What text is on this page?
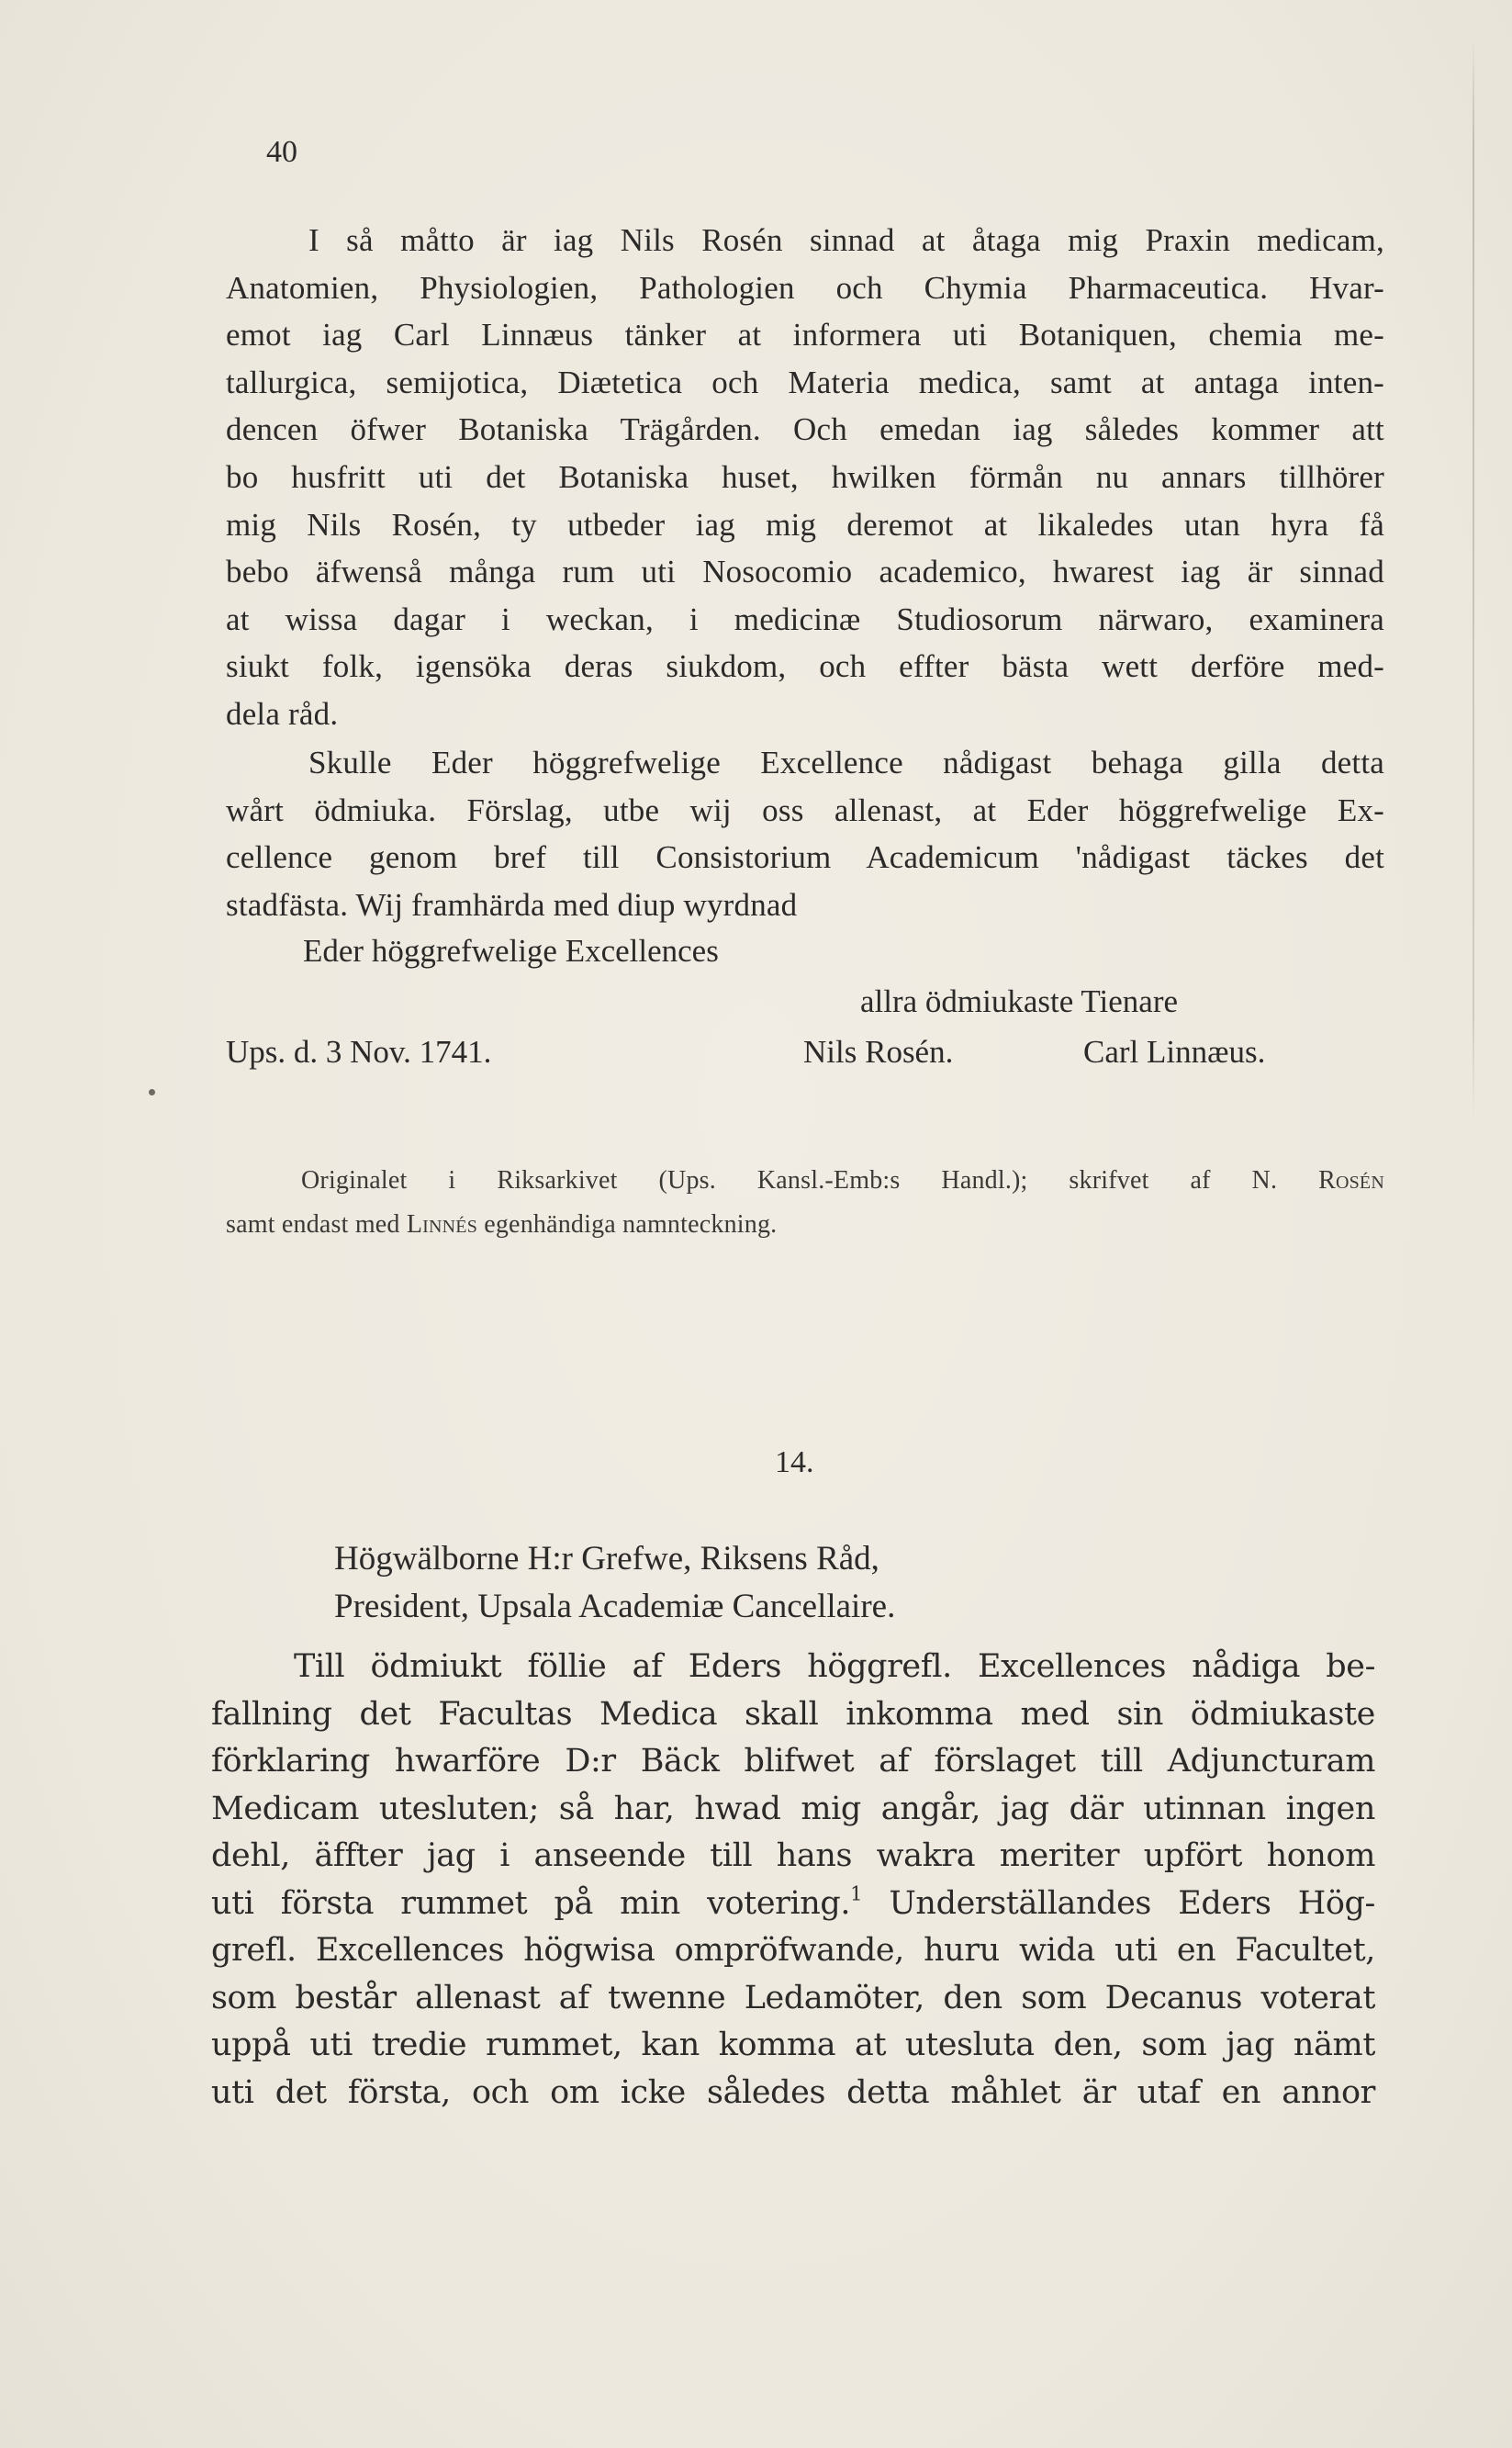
40
I så måtto är iag Nils Rosén sinnad at åtaga mig Praxin medicam,
Anatomien, Physiologien, Pathologien och Chymia Pharmaceutica. Hvar-
emot iag Carl Linnæus tänker at informera uti Botaniquen, chemia me-
tallurgica, semijotica, Diætetica och Materia medica, samt at antaga inten-
dencen öfwer Botaniska Trägården. Och emedan iag således kommer att
bo husfritt uti det Botaniska huset, hwilken förmån nu annars tillhörer
mig Nils Rosén, ty utbeder iag mig deremot at likaledes utan hyra få
bebo äfwenså många rum uti Nosocomio academico, hwarest iag är sinnad
at wissa dagar i weckan, i medicinæ Studiosorum närwaro, examinera
siukt folk, igensöka deras siukdom, och effter bästa wett derföre med-
dela råd.
Skulle Eder höggrefwelige Excellence nådigast behaga gilla detta
wårt ödmiuka. Förslag, utbe wij oss allenast, at Eder höggrefwelige Ex-
cellence genom bref till Consistorium Academicum 'nådigast täckes det
stadfästa. Wij framhärda med diup wyrdnad
Eder höggrefwelige Excellences
allra ödmiukaste Tienare
Ups. d. 3 Nov. 1741.	Nils Rosén.	Carl Linnæus.
Originalet i Riksarkivet (Ups. Kansl.-Emb:s Handl.); skrifvet af N. Rosén
samt endast med Linnés egenhändiga namnteckning.
14.
Högwälborne H:r Grefwe, Riksens Råd,
President, Upsala Academiæ Cancellaire.
Till ödmiukt föllie af Eders höggrefl. Excellences nådiga be-
fallning det Facultas Medica skall inkomma med sin ödmiukaste
förklaring hwarföre D:r Bäck blifwet af förslaget till Adjuncturam
Medicam utesluten; så har, hwad mig angår, jag där utinnan ingen
dehl, äffter jag i anseende till hans wakra meriter upfört honom
uti första rummet på min votering.$^1$ Underställandes Eders Hög-
grefl. Excellences högwisa ompröfwande, huru wida uti en Facultet,
som består allenast af twenne Ledamöter, den som Decanus voterat
uppå uti tredie rummet, kan komma at utesluta den, som jag nämt
uti det första, och om icke således detta måhlet är utaf en annor
